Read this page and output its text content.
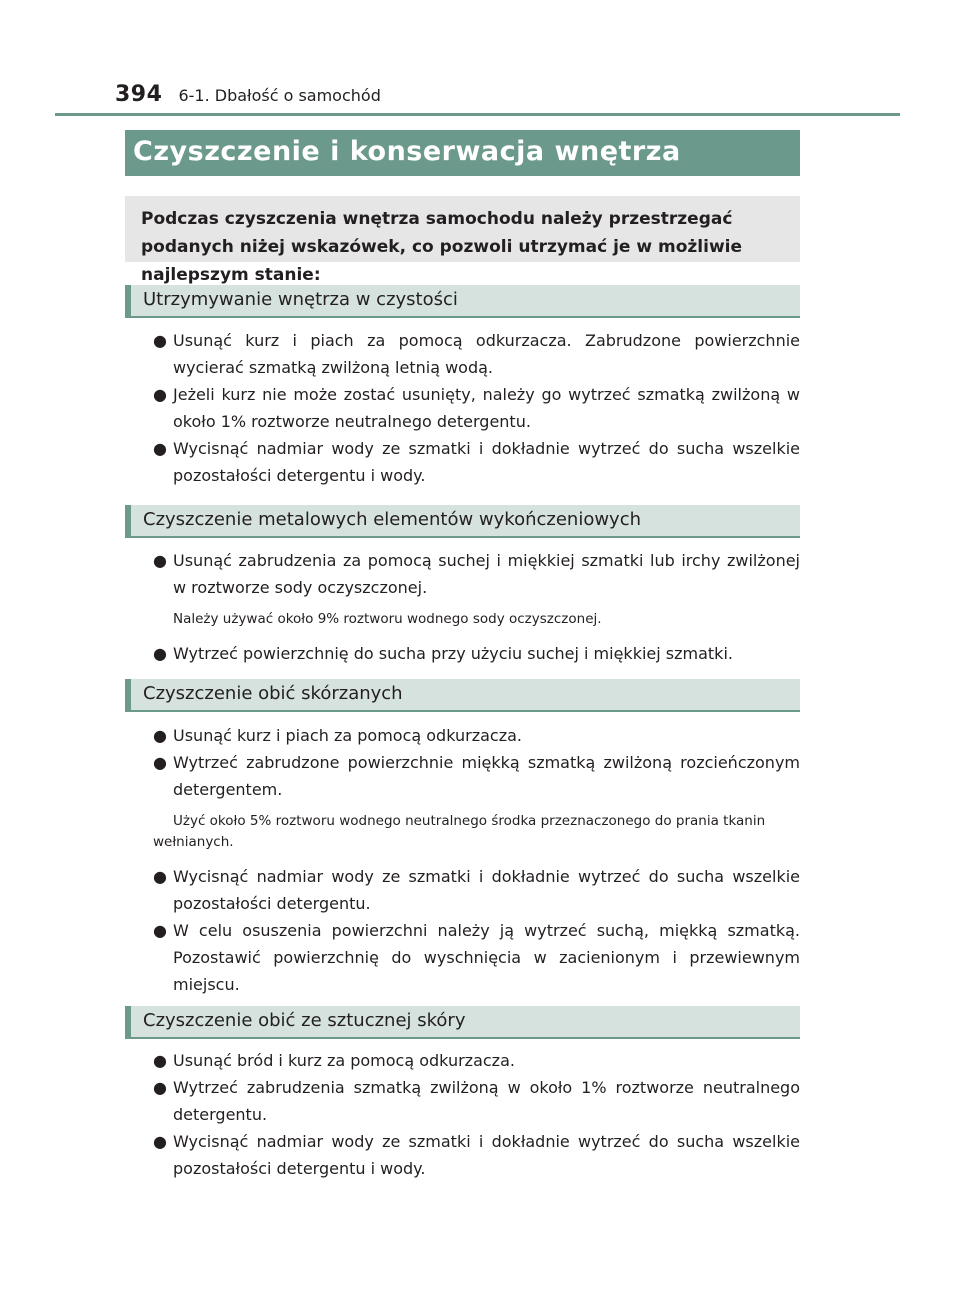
394 6-1. Dbałość o samochód
Czyszczenie i konserwacja wnętrza
Podczas czyszczenia wnętrza samochodu należy przestrzegać podanych niżej wskazówek, co pozwoli utrzymać je w możliwie najlepszym stanie:
Utrzymywanie wnętrza w czystości
● Usunąć kurz i piach za pomocą odkurzacza. Zabrudzone powierzchnie wycierać szmatką zwilżoną letnią wodą.
● Jeżeli kurz nie może zostać usunięty, należy go wytrzeć szmatką zwilżoną w około 1% roztworze neutralnego detergentu.
● Wycisnąć nadmiar wody ze szmatki i dokładnie wytrzeć do sucha wszelkie pozostałości detergentu i wody.
Czyszczenie metalowych elementów wykończeniowych
● Usunąć zabrudzenia za pomocą suchej i miękkiej szmatki lub irchy zwilżonej w roztworze sody oczyszczonej.
Należy używać około 9% roztworu wodnego sody oczyszczonej.
● Wytrzeć powierzchnię do sucha przy użyciu suchej i miękkiej szmatki.
Czyszczenie obić skórzanych
● Usunąć kurz i piach za pomocą odkurzacza.
● Wytrzeć zabrudzone powierzchnie miękką szmatką zwilżoną rozcieńczonym detergentem.
Użyć około 5% roztworu wodnego neutralnego środka przeznaczonego do prania tkanin wełnianych.
● Wycisnąć nadmiar wody ze szmatki i dokładnie wytrzeć do sucha wszelkie pozostałości detergentu.
● W celu osuszenia powierzchni należy ją wytrzeć suchą, miękką szmatką. Pozostawić powierzchnię do wyschnięcia w zacienionym i przewiewnym miejscu.
Czyszczenie obić ze sztucznej skóry
● Usunąć bród i kurz za pomocą odkurzacza.
● Wytrzeć zabrudzenia szmatką zwilżoną w około 1% roztworze neutralnego detergentu.
● Wycisnąć nadmiar wody ze szmatki i dokładnie wytrzeć do sucha wszelkie pozostałości detergentu i wody.
